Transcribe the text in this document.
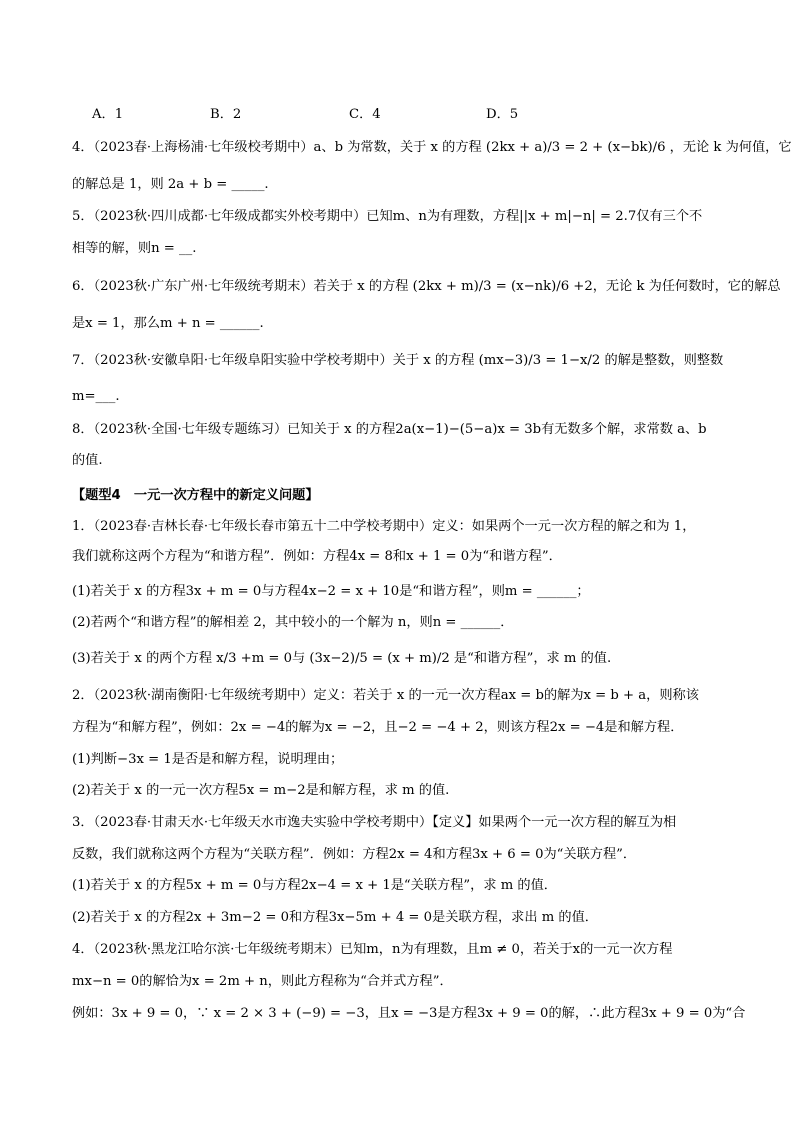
A．1	B．2	C．4	D．5
4．（2023春·上海杨浦·七年级校考期中）a、b 为常数，关于 x 的方程 (2kx + a)/3 = 2 + (x−bk)/6 ，无论 k 为何值，它
的解总是 1，则 2a + b = _____.
5．（2023秋·四川成都·七年级成都实外校考期中）已知m、n为有理数，方程||x + m|−n| = 2.7仅有三个不
相等的解，则n = __.
6．（2023秋·广东广州·七年级统考期末）若关于 x 的方程 (2kx + m)/3 = (x−nk)/6 +2，无论 k 为任何数时，它的解总
是x = 1，那么m + n = ______.
7．（2023秋·安徽阜阳·七年级阜阳实验中学校考期中）关于 x 的方程 (mx−3)/3 = 1−x/2 的解是整数，则整数
m=___.
8．（2023秋·全国·七年级专题练习）已知关于 x 的方程2a(x−1)−(5−a)x = 3b有无数多个解，求常数 a、b
的值.
【题型4　一元一次方程中的新定义问题】
1．（2023春·吉林长春·七年级长春市第五十二中学校考期中）定义：如果两个一元一次方程的解之和为 1，
我们就称这两个方程为“和谐方程”．例如：方程4x = 8和x + 1 = 0为“和谐方程”．
(1)若关于 x 的方程3x + m = 0与方程4x−2 = x + 10是“和谐方程”，则m = ______；
(2)若两个“和谐方程”的解相差 2，其中较小的一个解为 n，则n = ______．
(3)若关于 x 的两个方程 x/3 +m = 0与 (3x−2)/5 = (x + m)/2 是“和谐方程”，求 m 的值.
2．（2023秋·湖南衡阳·七年级统考期中）定义：若关于 x 的一元一次方程ax = b的解为x = b + a，则称该
方程为“和解方程”，例如：2x = −4的解为x = −2，且−2 = −4 + 2，则该方程2x = −4是和解方程．
(1)判断−3x = 1是否是和解方程，说明理由；
(2)若关于 x 的一元一次方程5x = m−2是和解方程，求 m 的值.
3．（2023春·甘肃天水·七年级天水市逸夫实验中学校考期中）【定义】如果两个一元一次方程的解互为相
反数，我们就称这两个方程为“关联方程”．例如：方程2x = 4和方程3x + 6 = 0为“关联方程”．
(1)若关于 x 的方程5x + m = 0与方程2x−4 = x + 1是“关联方程”，求 m 的值．
(2)若关于 x 的方程2x + 3m−2 = 0和方程3x−5m + 4 = 0是关联方程，求出 m 的值．
4．（2023秋·黑龙江哈尔滨·七年级统考期末）已知m，n为有理数，且m ≠ 0，若关于x的一元一次方程
mx−n = 0的解恰为x = 2m + n，则此方程称为“合并式方程”．
例如：3x + 9 = 0，∵ x = 2 × 3 + (−9) = −3，且x = −3是方程3x + 9 = 0的解，∴此方程3x + 9 = 0为“合
